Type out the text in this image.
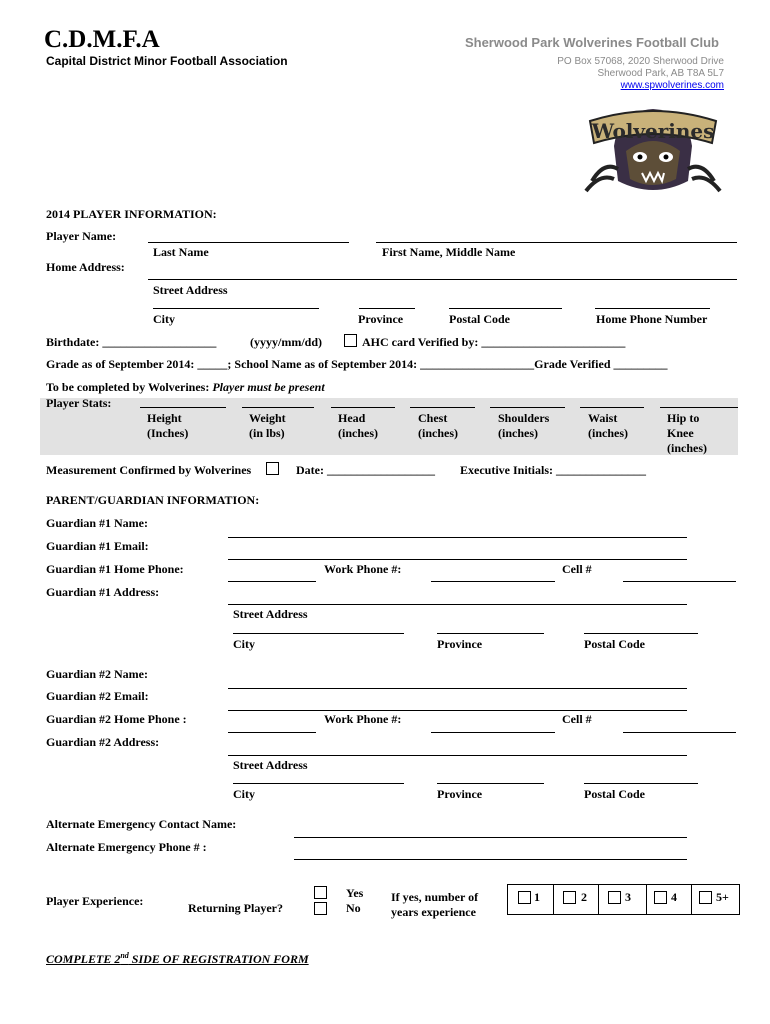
C.D.M.F.A
Capital District Minor Football Association
Sherwood Park Wolverines Football Club
PO Box 57068, 2020 Sherwood Drive
Sherwood Park, AB T8A 5L7
www.spwolverines.com
Wolverines
2014 PLAYER INFORMATION:
Player Name:
Last Name	First Name, Middle Name
Home Address:
Street Address
City	Province	Postal Code	Home Phone Number
Birthdate: ___________________	(yyyy/mm/dd)	AHC card Verified by: ________________________
Grade as of September 2014: _____; School Name as of September 2014: ___________________Grade Verified _________
To be completed by Wolverines: Player must be present
Player Stats:
Height
(Inches)
Weight
(in lbs)
Head
(inches)
Chest
(inches)
Shoulders
(inches)
Waist
(inches)
Hip to
Knee
(inches)
Measurement Confirmed by Wolverines	Date: __________________ Executive Initials: _______________
PARENT/GUARDIAN INFORMATION:
Guardian #1 Name:
Guardian #1 Email:
Guardian #1 Home Phone:	Work Phone #:	Cell #
Guardian #1 Address:
Street Address
City	Province	Postal Code
Guardian #2 Name:
Guardian #2 Email:
Guardian #2 Home Phone :	Work Phone #:	Cell #
Guardian #2 Address:
Street Address
City	Province	Postal Code
Alternate Emergency Contact Name:
Alternate Emergency Phone # :
Player Experience:	Returning Player?
Yes
No
If yes, number of
years experience
1	2	3	4	5+
COMPLETE 2nd SIDE OF REGISTRATION FORM
